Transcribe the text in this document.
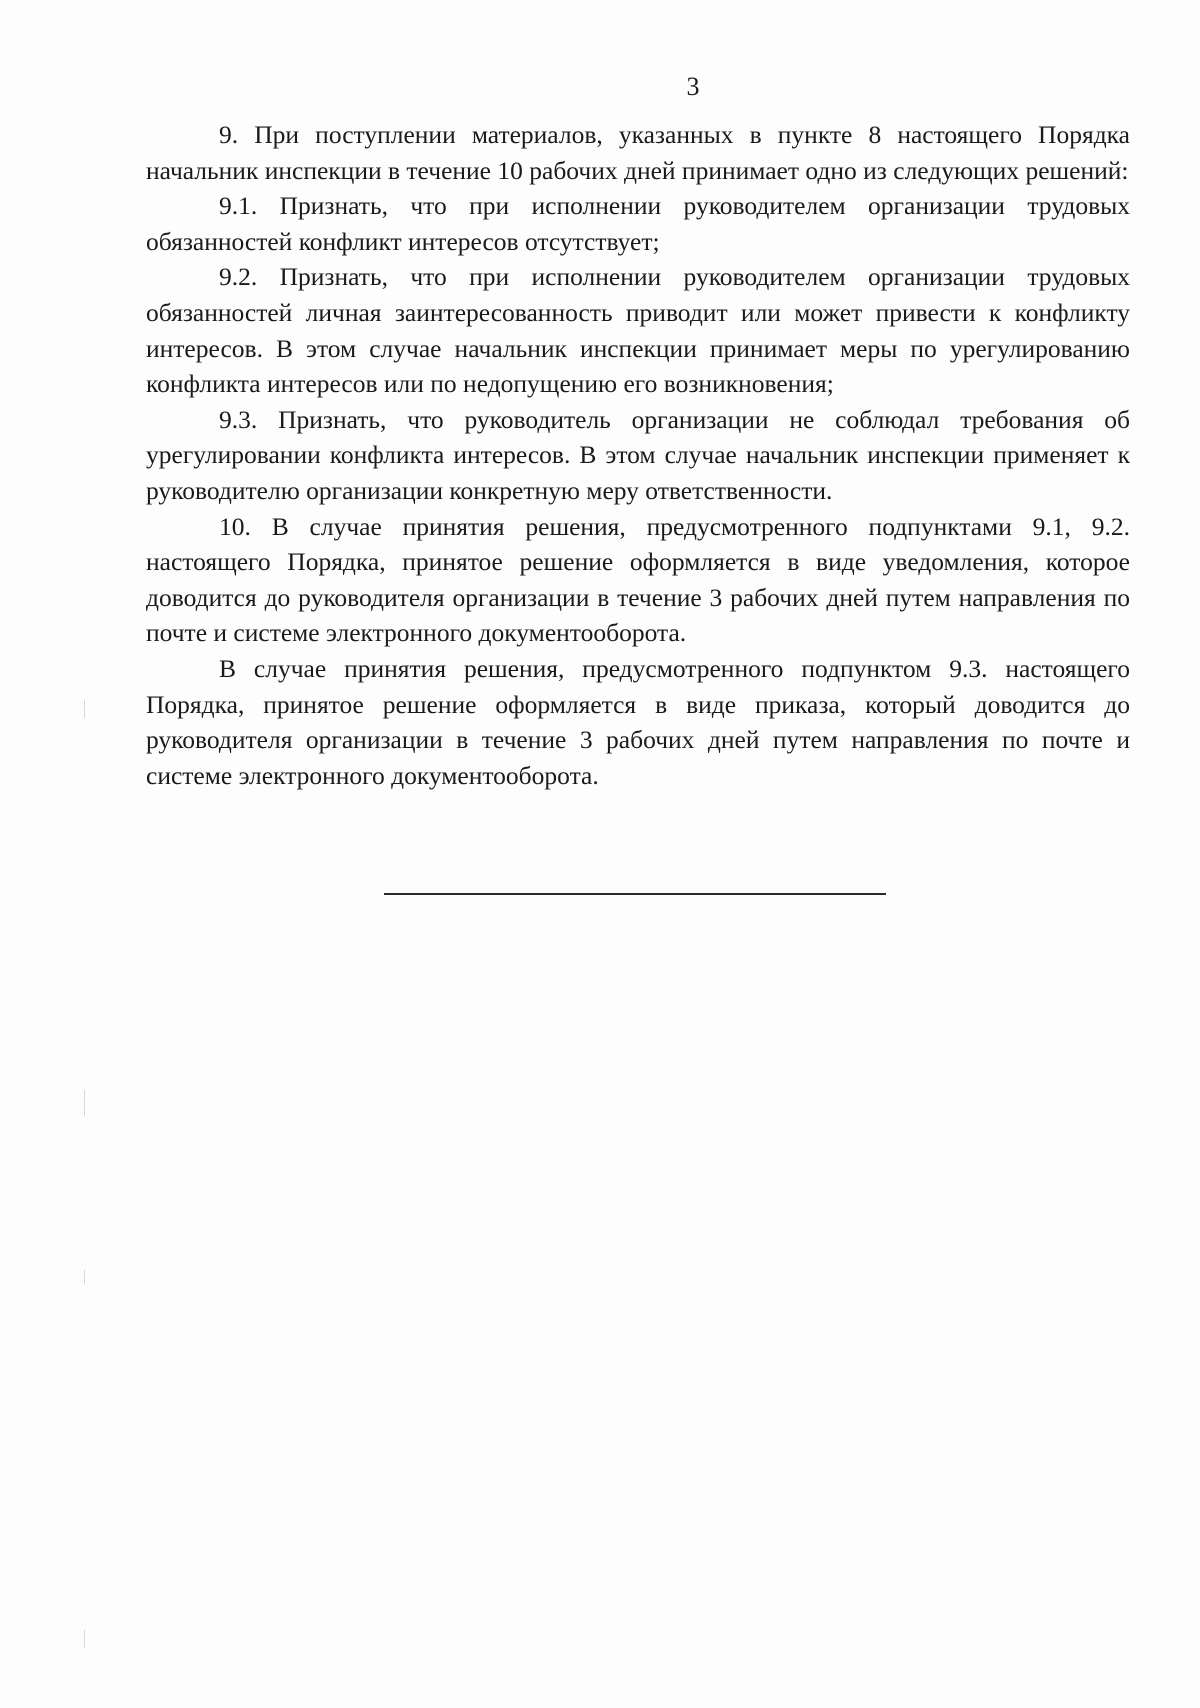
3

9. При поступлении материалов, указанных в пункте 8 настоящего Порядка начальник инспекции в течение 10 рабочих дней принимает одно из следующих решений:

9.1. Признать, что при исполнении руководителем организации трудовых обязанностей конфликт интересов отсутствует;

9.2. Признать, что при исполнении руководителем организации трудовых обязанностей личная заинтересованность приводит или может привести к конфликту интересов. В этом случае начальник инспекции принимает меры по урегулированию конфликта интересов или по недопущению его возникновения;

9.3. Признать, что руководитель организации не соблюдал требования об урегулировании конфликта интересов. В этом случае начальник инспекции применяет к руководителю организации конкретную меру ответственности.

10. В случае принятия решения, предусмотренного подпунктами 9.1, 9.2. настоящего Порядка, принятое решение оформляется в виде уведомления, которое доводится до руководителя организации в течение 3 рабочих дней путем направления по почте и системе электронного документооборота.

В случае принятия решения, предусмотренного подпунктом 9.3. настоящего Порядка, принятое решение оформляется в виде приказа, который доводится до руководителя организации в течение 3 рабочих дней путем направления по почте и системе электронного документооборота.
